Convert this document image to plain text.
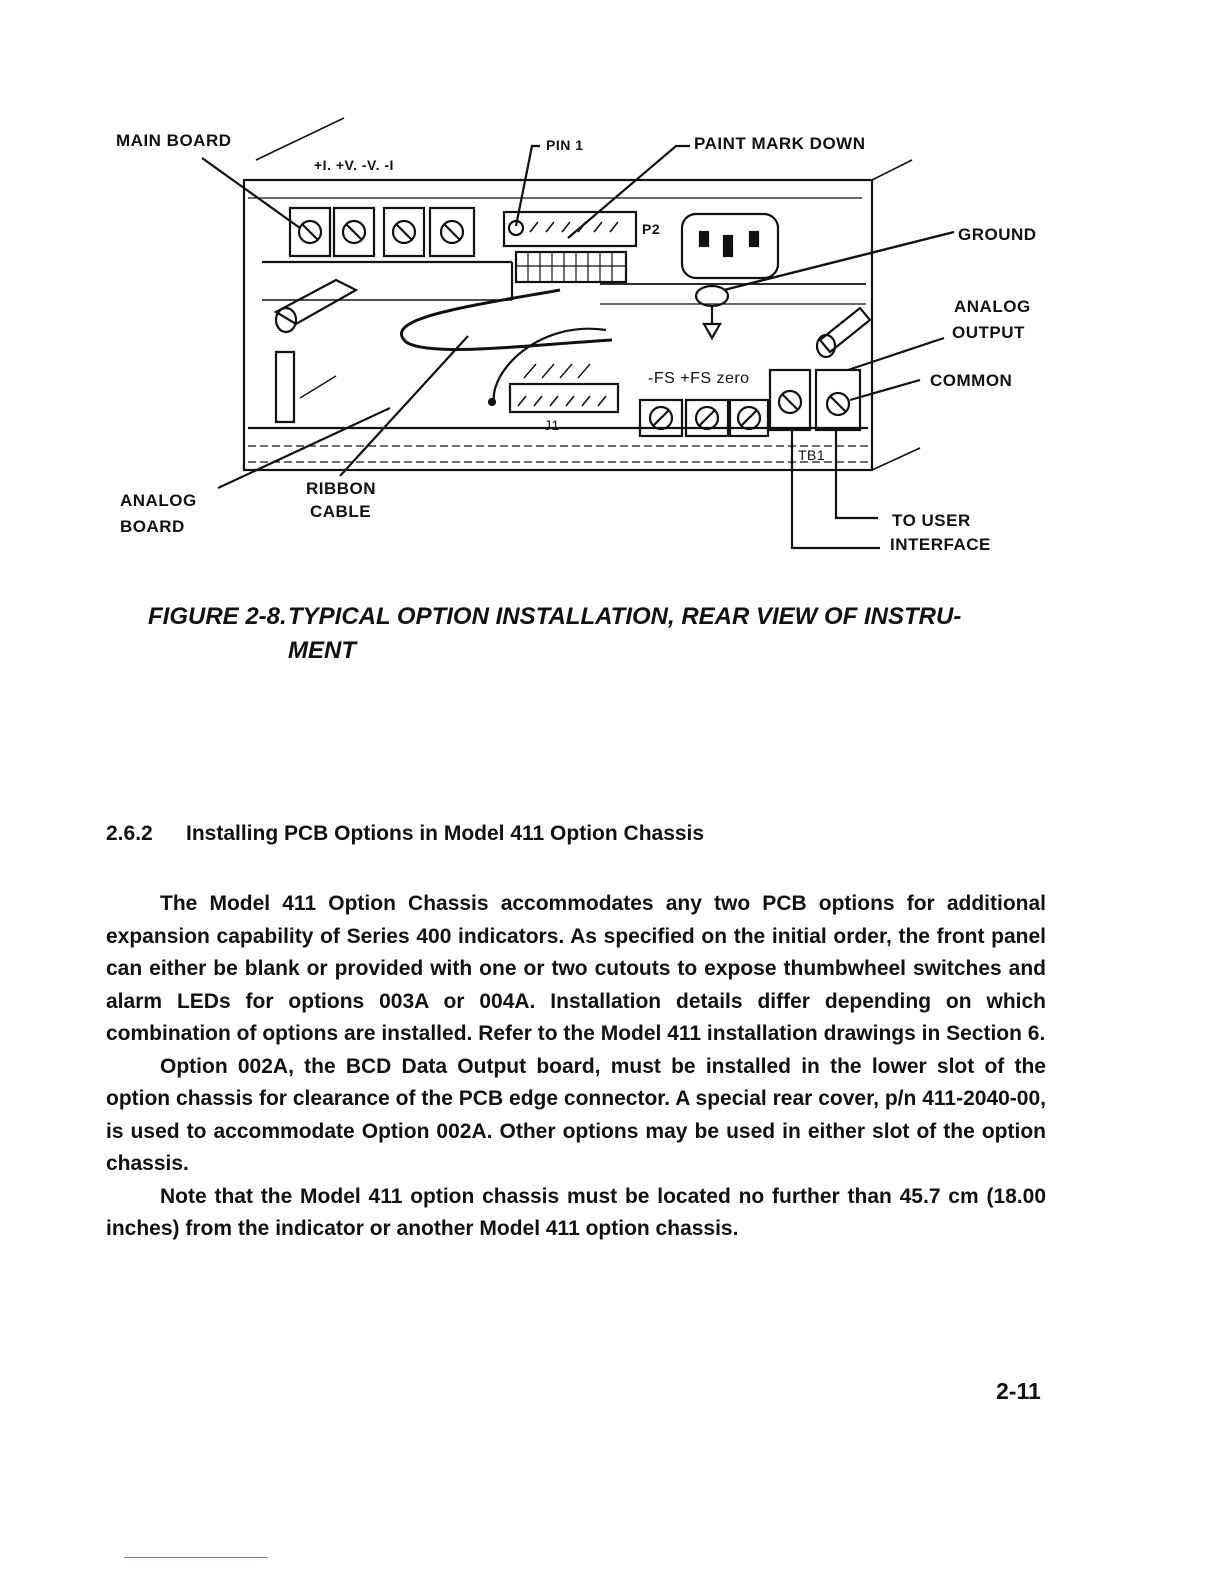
MAIN BOARD
+I. +V. -V. -I
PIN 1	PAINT MARK DOWN
P2	GROUND
ANALOG
OUTPUT
-FS +FS zero	COMMON
J1
TB1
ANALOG
BOARD
RIBBON
CABLE	TO USER
INTERFACE
FIGURE 2-8.TYPICAL OPTION INSTALLATION, REAR VIEW OF INSTRU-
MENT
2.6.2 Installing PCB Options in Model 411 Option Chassis

The Model 411 Option Chassis accommodates any two PCB options for additional expansion capability of Series 400 indicators. As specified on the initial order, the front panel can either be blank or provided with one or two cutouts to expose thumbwheel switches and alarm LEDs for options 003A or 004A. Installation details differ depending on which combination of options are installed. Refer to the Model 411 installation drawings in Section 6.

Option 002A, the BCD Data Output board, must be installed in the lower slot of the option chassis for clearance of the PCB edge connector. A special rear cover, p/n 411-2040-00, is used to accommodate Option 002A. Other options may be used in either slot of the option chassis.

Note that the Model 411 option chassis must be located no further than 45.7 cm (18.00 inches) from the indicator or another Model 411 option chassis.

2-11
